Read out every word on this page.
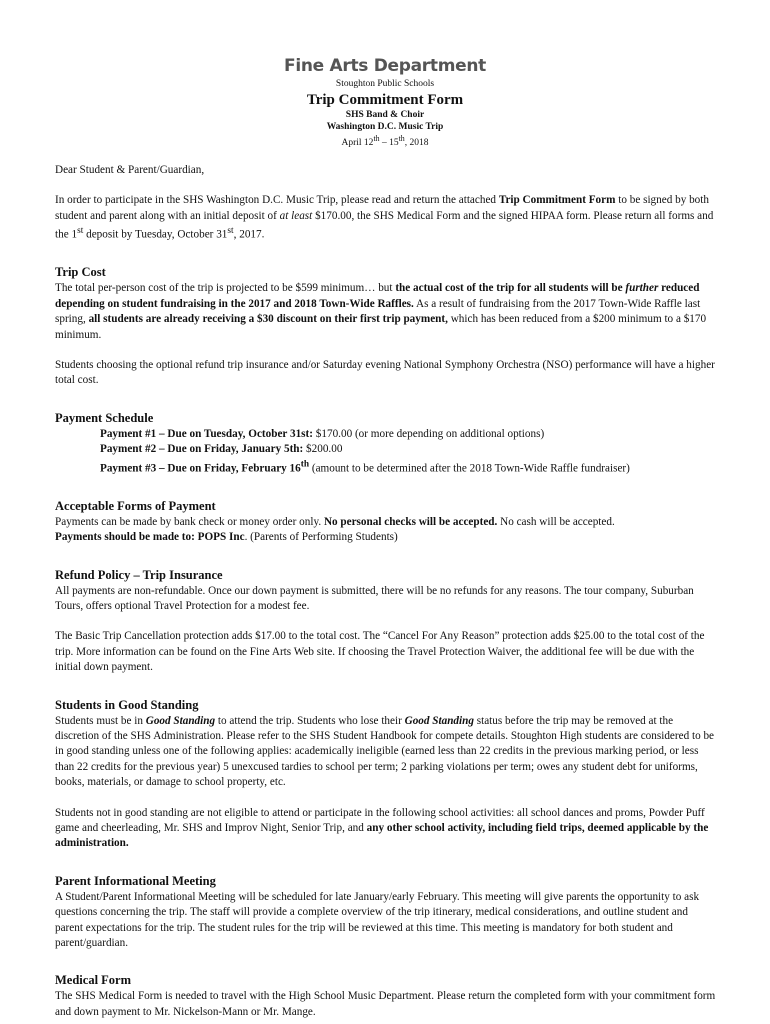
Fine Arts Department
Stoughton Public Schools
Trip Commitment Form
SHS Band & Choir
Washington D.C. Music Trip
April 12th – 15th, 2018

Dear Student & Parent/Guardian,

In order to participate in the SHS Washington D.C. Music Trip, please read and return the attached Trip Commitment Form to be signed by both student and parent along with an initial deposit of at least $170.00, the SHS Medical Form and the signed HIPAA form. Please return all forms and the 1st deposit by Tuesday, October 31st, 2017.

Trip Cost

The total per-person cost of the trip is projected to be $599 minimum… but the actual cost of the trip for all students will be further reduced depending on student fundraising in the 2017 and 2018 Town-Wide Raffles. As a result of fundraising from the 2017 Town-Wide Raffle last spring, all students are already receiving a $30 discount on their first trip payment, which has been reduced from a $200 minimum to a $170 minimum.

Students choosing the optional refund trip insurance and/or Saturday evening National Symphony Orchestra (NSO) performance will have a higher total cost.

Payment Schedule

Payment #1 – Due on Tuesday, October 31st: $170.00 (or more depending on additional options)

Payment #2 – Due on Friday, January 5th: $200.00

Payment #3 – Due on Friday, February 16th (amount to be determined after the 2018 Town-Wide Raffle fundraiser)

Acceptable Forms of Payment

Payments can be made by bank check or money order only. No personal checks will be accepted. No cash will be accepted.
Payments should be made to: POPS Inc. (Parents of Performing Students)

Refund Policy – Trip Insurance

All payments are non-refundable. Once our down payment is submitted, there will be no refunds for any reasons. The tour company, Suburban Tours, offers optional Travel Protection for a modest fee.

The Basic Trip Cancellation protection adds $17.00 to the total cost. The “Cancel For Any Reason” protection adds $25.00 to the total cost of the trip. More information can be found on the Fine Arts Web site. If choosing the Travel Protection Waiver, the additional fee will be due with the initial down payment.

Students in Good Standing

Students must be in Good Standing to attend the trip. Students who lose their Good Standing status before the trip may be removed at the discretion of the SHS Administration. Please refer to the SHS Student Handbook for compete details. Stoughton High students are considered to be in good standing unless one of the following applies: academically ineligible (earned less than 22 credits in the previous marking period, or less than 22 credits for the previous year) 5 unexcused tardies to school per term; 2 parking violations per term; owes any student debt for uniforms, books, materials, or damage to school property, etc.

Students not in good standing are not eligible to attend or participate in the following school activities: all school dances and proms, Powder Puff game and cheerleading, Mr. SHS and Improv Night, Senior Trip, and any other school activity, including field trips, deemed applicable by the administration.

Parent Informational Meeting

A Student/Parent Informational Meeting will be scheduled for late January/early February. This meeting will give parents the opportunity to ask questions concerning the trip. The staff will provide a complete overview of the trip itinerary, medical considerations, and outline student and parent expectations for the trip. The student rules for the trip will be reviewed at this time. This meeting is mandatory for both student and parent/guardian.

Medical Form

The SHS Medical Form is needed to travel with the High School Music Department. Please return the completed form with your commitment form and down payment to Mr. Nickelson-Mann or Mr. Mange.
